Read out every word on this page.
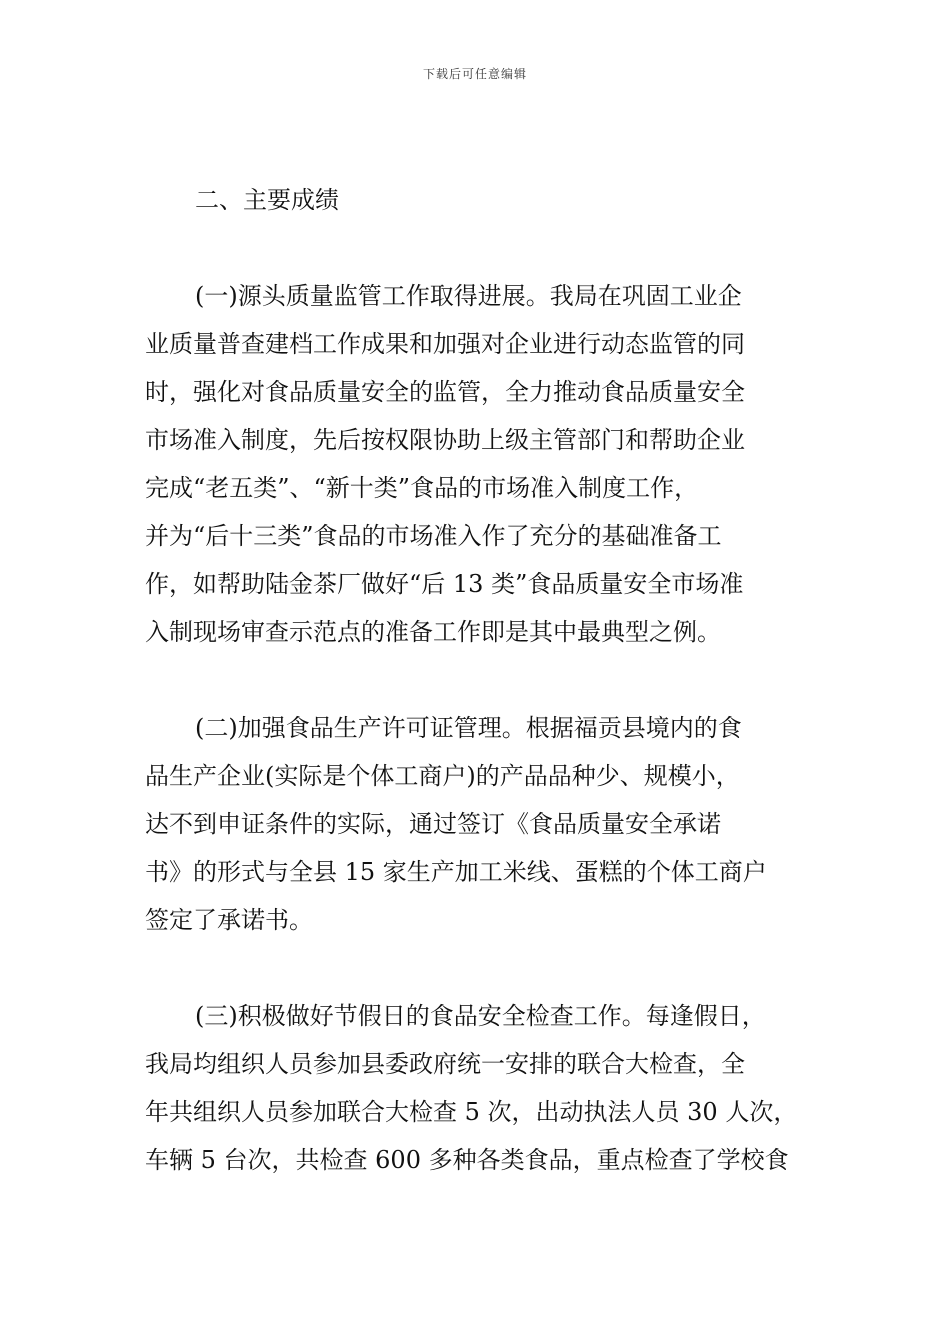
下载后可任意编辑
二、主要成绩
(一)源头质量监管工作取得进展。我局在巩固工业企
业质量普查建档工作成果和加强对企业进行动态监管的同
时，强化对食品质量安全的监管，全力推动食品质量安全
市场准入制度，先后按权限协助上级主管部门和帮助企业
完成“老五类”、“新十类”食品的市场准入制度工作，
并为“后十三类”食品的市场准入作了充分的基础准备工
作，如帮助陆金茶厂做好“后 13 类”食品质量安全市场准
入制现场审查示范点的准备工作即是其中最典型之例。
(二)加强食品生产许可证管理。根据福贡县境内的食
品生产企业(实际是个体工商户)的产品品种少、规模小，
达不到申证条件的实际，通过签订《食品质量安全承诺
书》的形式与全县 15 家生产加工米线、蛋糕的个体工商户
签定了承诺书。
(三)积极做好节假日的食品安全检查工作。每逢假日，
我局均组织人员参加县委政府统一安排的联合大检查，全
年共组织人员参加联合大检查 5 次，出动执法人员 30 人次，
车辆 5 台次，共检查 600 多种各类食品，重点检查了学校食
